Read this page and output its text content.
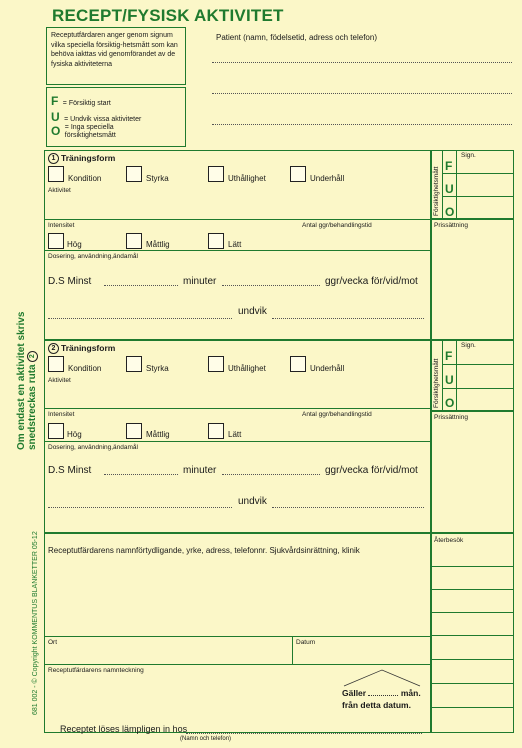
RECEPT/FYSISK AKTIVITET
Receptutfärdaren anger genom signum vilka speciella försiktig-hetsmått som kan behöva iakttas vid genomförandet av de fysiska aktiviteterna
F = Försiktig start
U = Undvik vissa aktiviteter
$^O$ = Inga speciella försiktighetsmått
Patient (namn, födelsetid, adress och telefon)
Om endast en aktivitet skrivs snedstreckas ruta 2
681 002 - © Copyright KOMMENTUS BLANKETTER 05-12
1 Träningsform
Kondition	Styrka	Uthållighet	Underhåll
Aktivitet
Intensitet	Antal ggr/behandlingstid
Hög	Måttlig	Lätt
Dosering, användning,ändamål
D.S Minst	minuter	ggr/vecka för/vid/mot
undvik
Försiktighetsmått
Sign.
F
U
O
Prissättning
2 Träningsform
Kondition	Styrka	Uthållighet	Underhåll
Aktivitet
Intensitet	Antal ggr/behandlingstid
Hög	Måttlig	Lätt
Dosering, användning,ändamål
D.S Minst	minuter	ggr/vecka för/vid/mot
undvik
Försiktighetsmått
Sign.
F
U
O
Prissättning
Receptutfärdarens namnförtydligande, yrke, adress, telefonnr. Sjukvårdsinrättning, klinik
Ort	Datum
Receptutfärdarens namnteckning
Gäller	mån.
från detta datum.
Återbesök
Receptet löses lämpligen in hos
(Namn och telefon)
